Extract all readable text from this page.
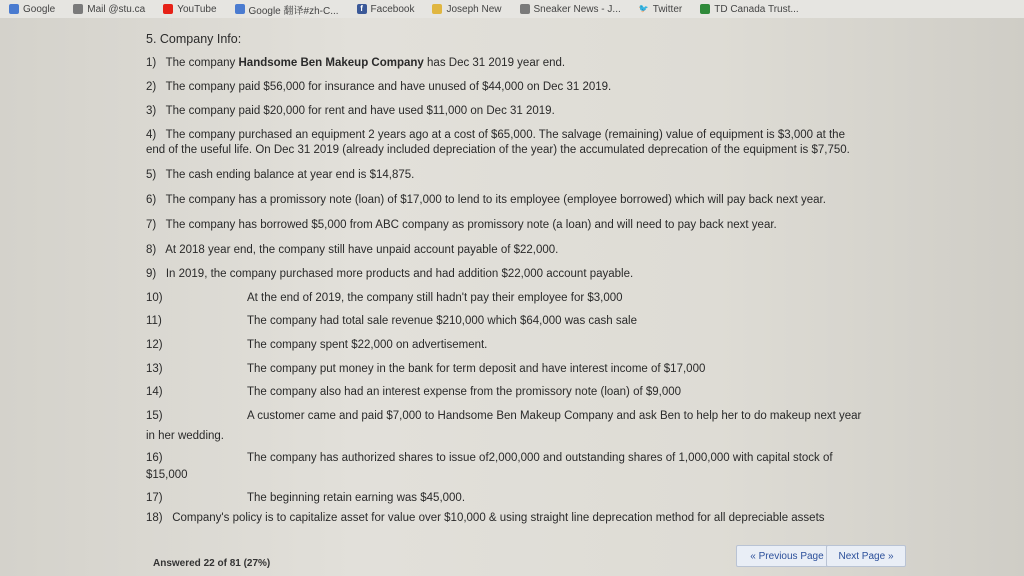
Google	Mail @stu.ca	YouTube	Google 翻译#zh-C...	f Facebook	Joseph New	Sneaker News - J... 🐦 Twitter	TD Canada Trust...
5. Company Info:
1) The company Handsome Ben Makeup Company has Dec 31 2019 year end.
2) The company paid $56,000 for insurance and have unused of $44,000 on Dec 31 2019.
3) The company paid $20,000 for rent and have used $11,000 on Dec 31 2019.
4) The company purchased an equipment 2 years ago at a cost of $65,000. The salvage (remaining) value of equipment is $3,000 at the
end of the useful life. On Dec 31 2019 (already included depreciation of the year) the accumulated deprecation of the equipment is $7,750.
5) The cash ending balance at year end is $14,875.
6) The company has a promissory note (loan) of $17,000 to lend to its employee (employee borrowed) which will pay back next year.
7) The company has borrowed $5,000 from ABC company as promissory note (a loan) and will need to pay back next year.
8) At 2018 year end, the company still have unpaid account payable of $22,000.
9) In 2019, the company purchased more products and had addition $22,000 account payable.
10)	At the end of 2019, the company still hadn't pay their employee for $3,000
11)	The company had total sale revenue $210,000 which $64,000 was cash sale
12)	The company spent $22,000 on advertisement.
13)	The company put money in the bank for term deposit and have interest income of $17,000
14)	The company also had an interest expense from the promissory note (loan) of $9,000
15)	A customer came and paid $7,000 to Handsome Ben Makeup Company and ask Ben to help her to do makeup next year
in her wedding.
16)	The company has authorized shares to issue of2,000,000 and outstanding shares of 1,000,000 with capital stock of
$15,000
17)	The beginning retain earning was $45,000.
18) Company's policy is to capitalize asset for value over $10,000 & using straight line deprecation method for all depreciable assets
Answered 22 of 81 (27%)
« Previous Page	Next Page »
